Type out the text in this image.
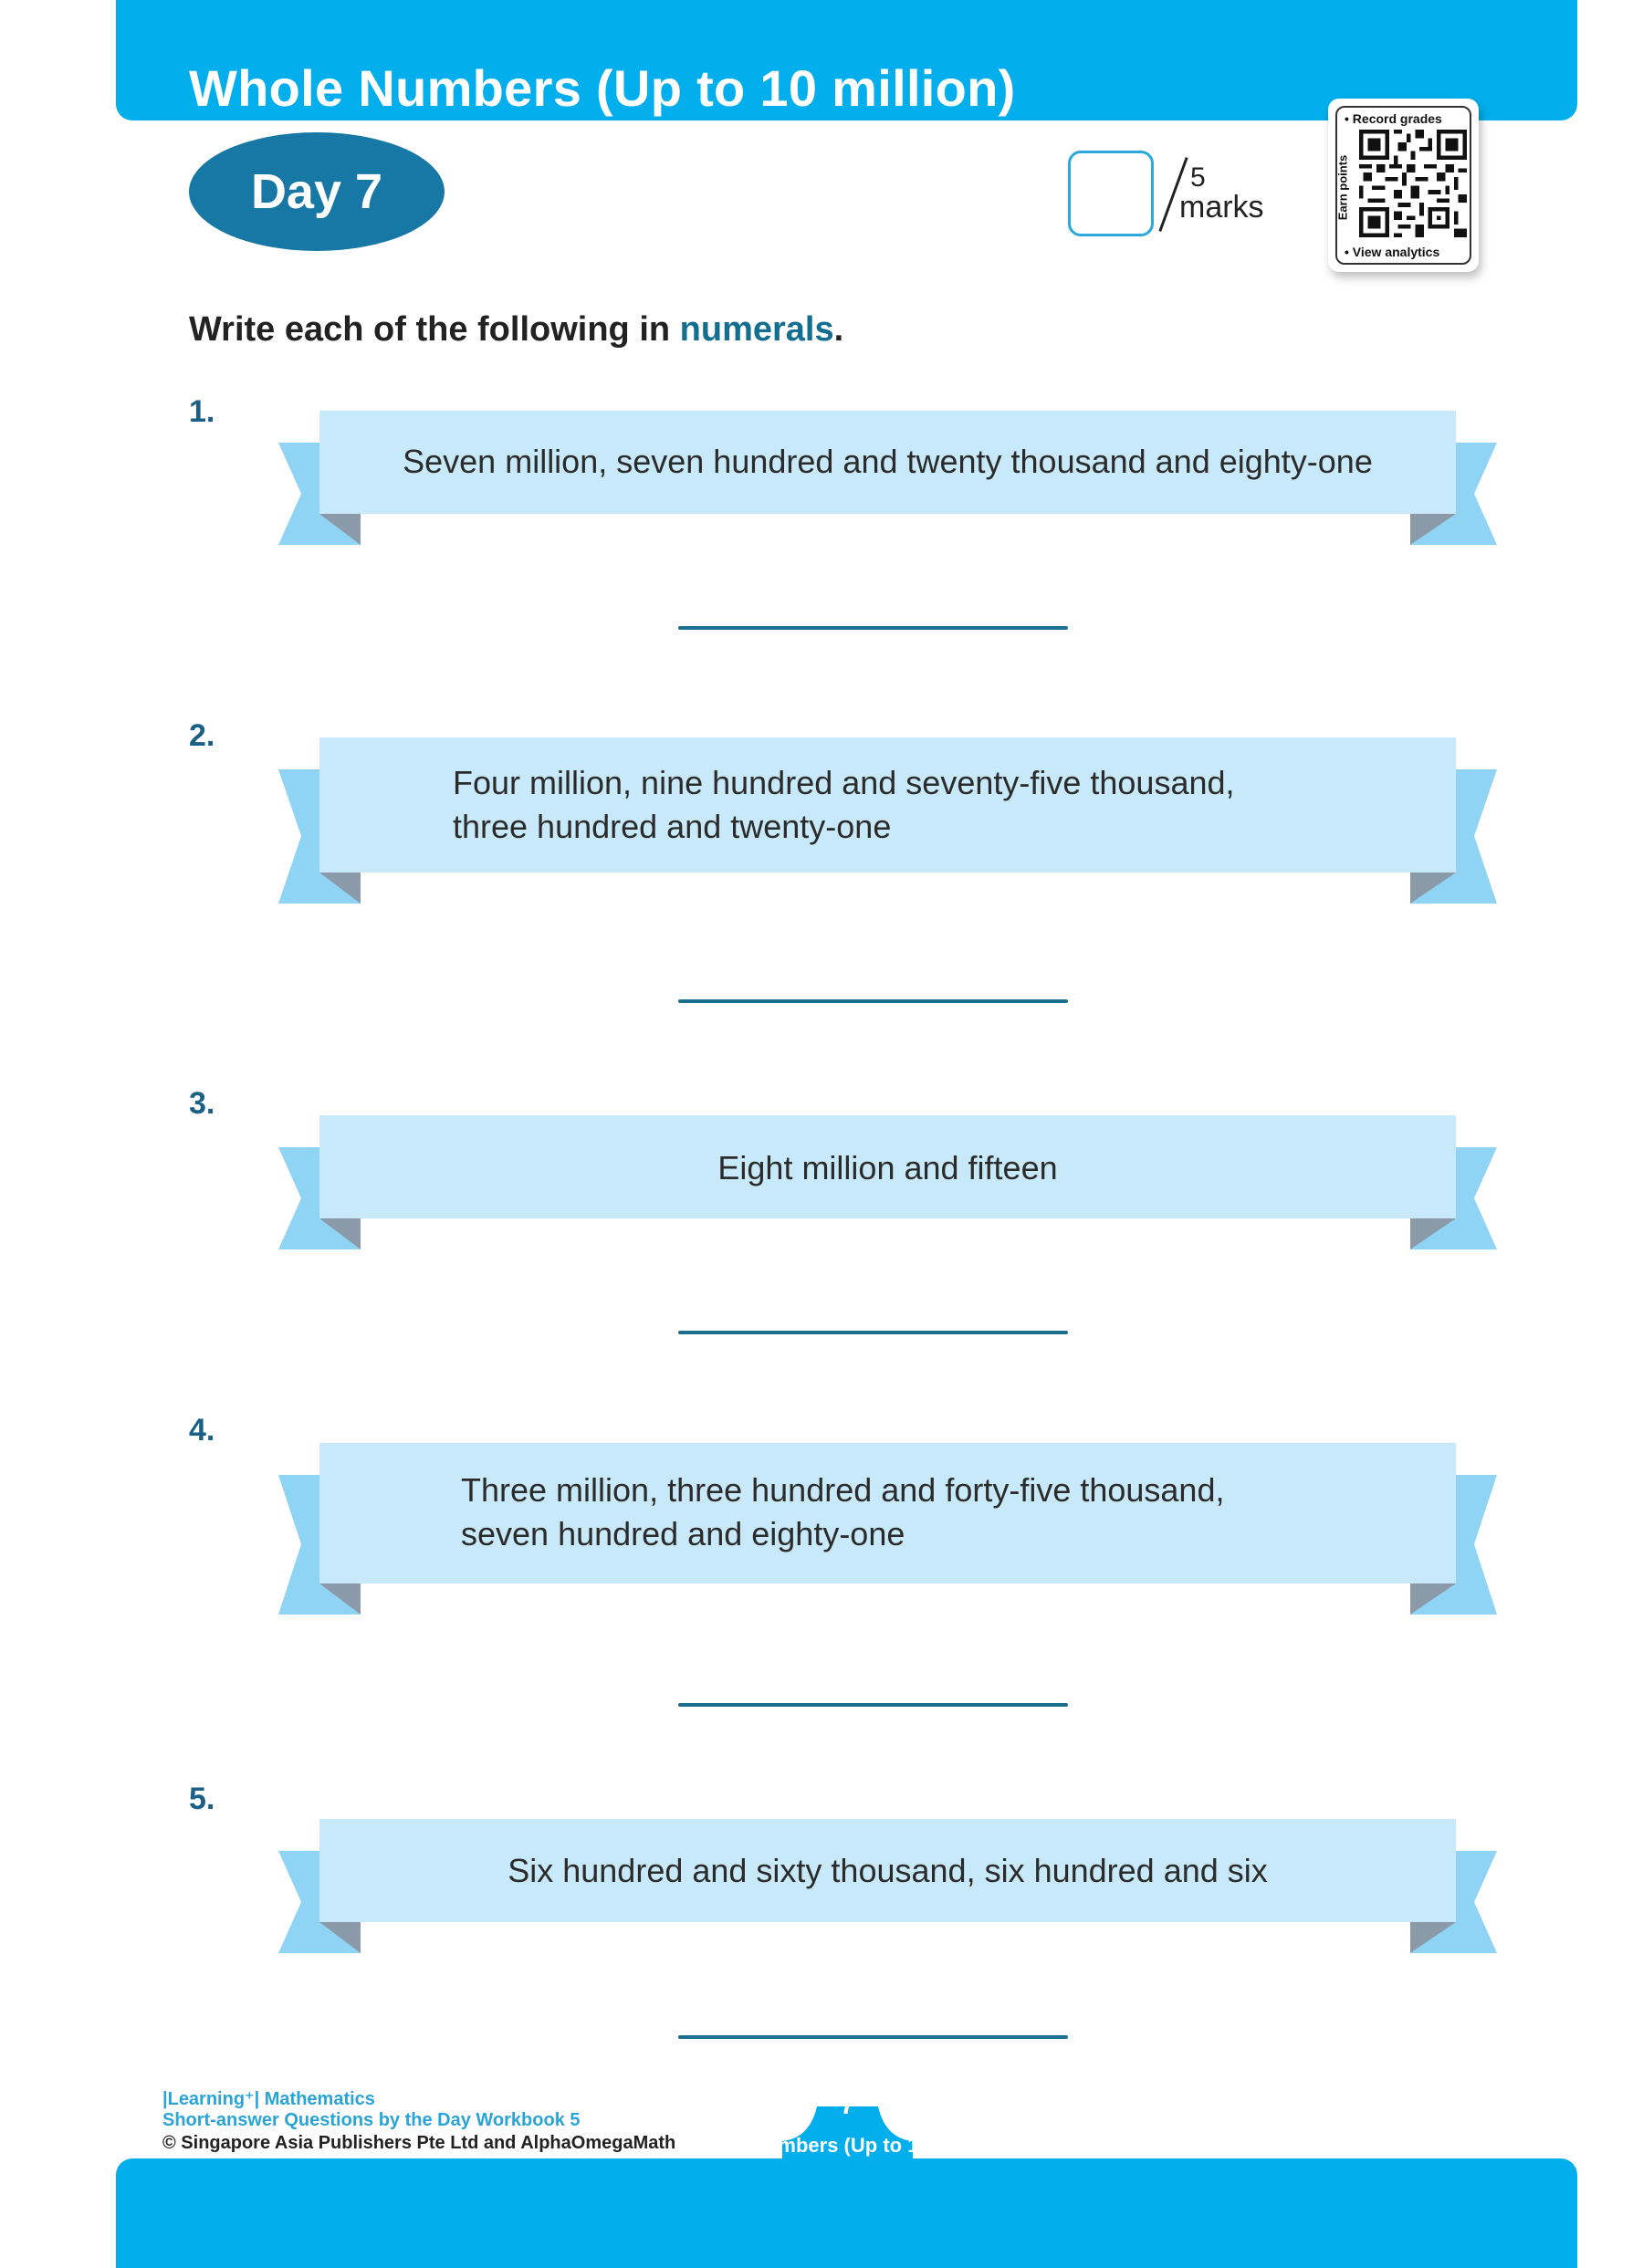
Whole Numbers (Up to 10 million)
Day 7	5
marks
• Record grades
Earn points
• View analytics
Write each of the following in numerals.
1.
Seven million, seven hundred and twenty thousand and eighty-one
2.
Four million, nine hundred and seventy-five thousand,
three hundred and twenty-one
3.
Eight million and fifteen
4.
Three million, three hundred and forty-five thousand,
seven hundred and eighty-one
5.
Six hundred and sixty thousand, six hundred and six
|Learning⁺| Mathematics
Short-answer Questions by the Day Workbook 5
© Singapore Asia Publishers Pte Ltd and AlphaOmegaMath
7
Whole Numbers (Up to 10 million)
